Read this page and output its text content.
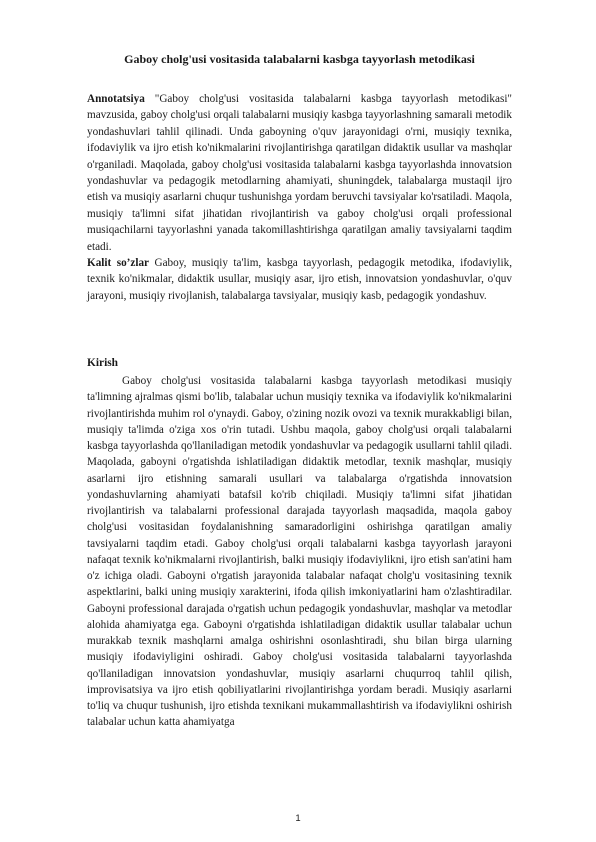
Gaboy cholg'usi vositasida talabalarni kasbga tayyorlash metodikasi

Annotatsiya "Gaboy cholg'usi vositasida talabalarni kasbga tayyorlash metodikasi" mavzusida, gaboy cholg'usi orqali talabalarni musiqiy kasbga tayyorlashning samarali metodik yondashuvlari tahlil qilinadi. Unda gaboyning o'quv jarayonidagi o'rni, musiqiy texnika, ifodaviylik va ijro etish ko'nikmalarini rivojlantirishga qaratilgan didaktik usullar va mashqlar o'rganiladi. Maqolada, gaboy cholg'usi vositasida talabalarni kasbga tayyorlashda innovatsion yondashuvlar va pedagogik metodlarning ahamiyati, shuningdek, talabalarga mustaqil ijro etish va musiqiy asarlarni chuqur tushunishga yordam beruvchi tavsiyalar ko'rsatiladi. Maqola, musiqiy ta'limni sifat jihatidan rivojlantirish va gaboy cholg'usi orqali professional musiqachilarni tayyorlashni yanada takomillashtirishga qaratilgan amaliy tavsiyalarni taqdim etadi.

Kalit so’zlar Gaboy, musiqiy ta'lim, kasbga tayyorlash, pedagogik metodika, ifodaviylik, texnik ko'nikmalar, didaktik usullar, musiqiy asar, ijro etish, innovatsion yondashuvlar, o'quv jarayoni, musiqiy rivojlanish, talabalarga tavsiyalar, musiqiy kasb, pedagogik yondashuv.

Kirish

Gaboy cholg'usi vositasida talabalarni kasbga tayyorlash metodikasi musiqiy ta'limning ajralmas qismi bo'lib, talabalar uchun musiqiy texnika va ifodaviylik ko'nikmalarini rivojlantirishda muhim rol o'ynaydi. Gaboy, o'zining nozik ovozi va texnik murakkabligi bilan, musiqiy ta'limda o'ziga xos o'rin tutadi. Ushbu maqola, gaboy cholg'usi orqali talabalarni kasbga tayyorlashda qo'llaniladigan metodik yondashuvlar va pedagogik usullarni tahlil qiladi. Maqolada, gaboyni o'rgatishda ishlatiladigan didaktik metodlar, texnik mashqlar, musiqiy asarlarni ijro etishning samarali usullari va talabalarga o'rgatishda innovatsion yondashuvlarning ahamiyati batafsil ko'rib chiqiladi. Musiqiy ta'limni sifat jihatidan rivojlantirish va talabalarni professional darajada tayyorlash maqsadida, maqola gaboy cholg'usi vositasidan foydalanishning samaradorligini oshirishga qaratilgan amaliy tavsiyalarni taqdim etadi. Gaboy cholg'usi orqali talabalarni kasbga tayyorlash jarayoni nafaqat texnik ko'nikmalarni rivojlantirish, balki musiqiy ifodaviylikni, ijro etish san'atini ham o'z ichiga oladi. Gaboyni o'rgatish jarayonida talabalar nafaqat cholg'u vositasining texnik aspektlarini, balki uning musiqiy xarakterini, ifoda qilish imkoniyatlarini ham o'zlashtiradilar. Gaboyni professional darajada o'rgatish uchun pedagogik yondashuvlar, mashqlar va metodlar alohida ahamiyatga ega. Gaboyni o'rgatishda ishlatiladigan didaktik usullar talabalar uchun murakkab texnik mashqlarni amalga oshirishni osonlashtiradi, shu bilan birga ularning musiqiy ifodaviyligini oshiradi. Gaboy cholg'usi vositasida talabalarni tayyorlashda qo'llaniladigan innovatsion yondashuvlar, musiqiy asarlarni chuqurroq tahlil qilish, improvisatsiya va ijro etish qobiliyatlarini rivojlantirishga yordam beradi. Musiqiy asarlarni to'liq va chuqur tushunish, ijro etishda texnikani mukammallashtirish va ifodaviylikni oshirish talabalar uchun katta ahamiyatga

1
